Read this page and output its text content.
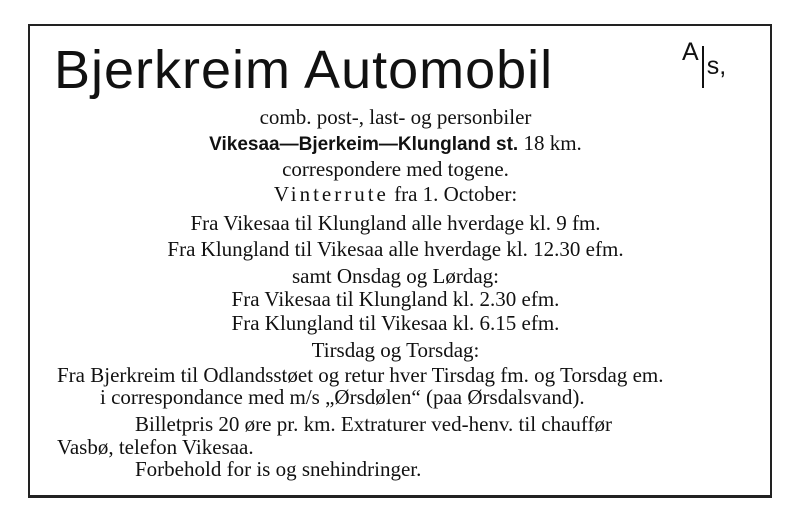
Bjerkreim Automobil	A s,
comb. post-, last- og personbiler
Vikesaa—Bjerkeim—Klungland st. 18 km.
correspondere med togene.
Vinterrute fra 1. October:
Fra Vikesaa til Klungland alle hverdage kl. 9 fm.
Fra Klungland til Vikesaa alle hverdage kl. 12.30 efm.
samt Onsdag og Lørdag:
Fra Vikesaa til Klungland kl. 2.30 efm.
Fra Klungland til Vikesaa kl. 6.15 efm.
Tirsdag og Torsdag:
Fra Bjerkreim til Odlandsstøet og retur hver Tirsdag fm. og Torsdag em.
i correspondance med m/s „Ørsdølen“ (paa Ørsdalsvand).
Billetpris 20 øre pr. km. Extraturer ved-henv. til chauffør
Vasbø, telefon Vikesaa.
Forbehold for is og snehindringer.
